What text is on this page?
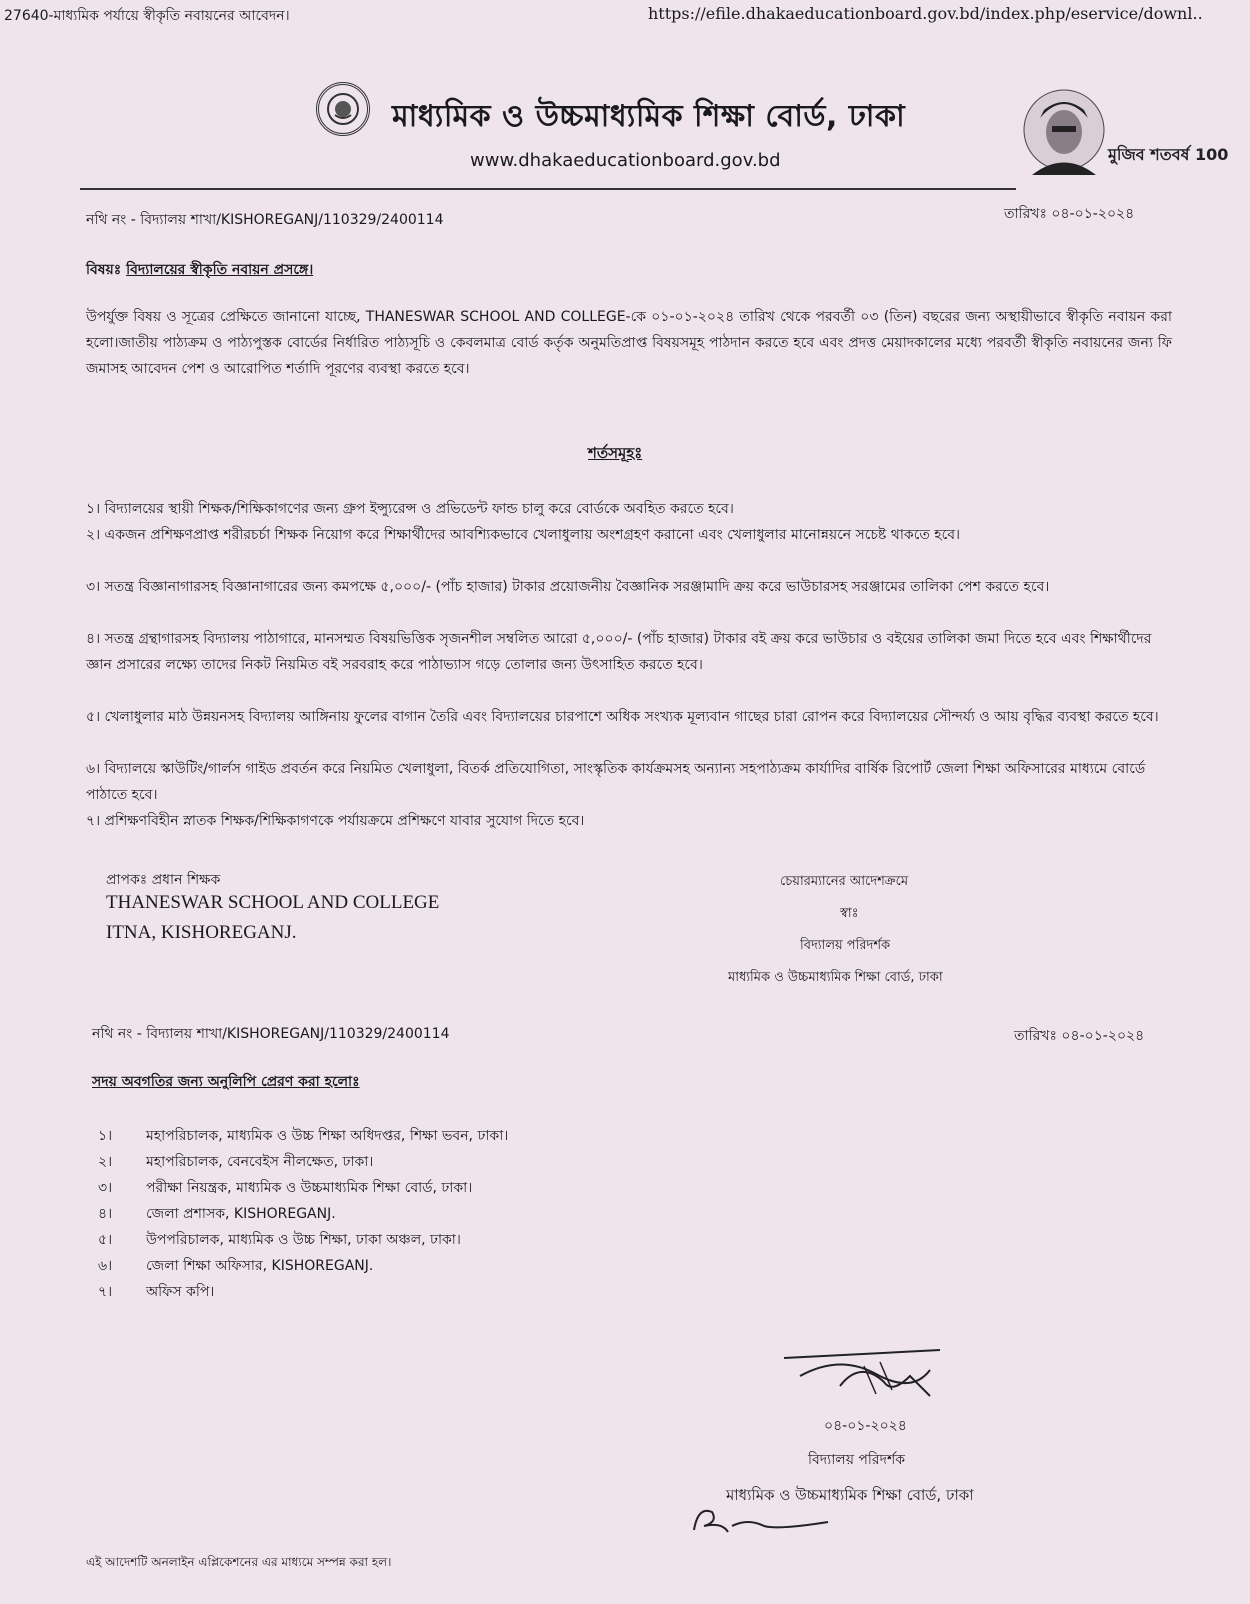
27640-মাধ্যমিক পর্যায়ে স্বীকৃতি নবায়নের আবেদন।	https://efile.dhakaeducationboard.gov.bd/index.php/eservice/downl..
মাধ্যমিক ও উচ্চমাধ্যমিক শিক্ষা বোর্ড, ঢাকা
www.dhakaeducationboard.gov.bd	মুজিব শতবর্ষ 100
নথি নং - বিদ্যালয় শাখা/KISHOREGANJ/110329/2400114	তারিখঃ ০৪-০১-২০২৪
বিষয়ঃ বিদ্যালয়ের স্বীকৃতি নবায়ন প্রসঙ্গে।
উপর্যুক্ত বিষয় ও সূত্রের প্রেক্ষিতে জানানো যাচ্ছে, THANESWAR SCHOOL AND COLLEGE-কে ০১-০১-২০২৪ তারিখ থেকে পরবর্তী ০৩ (তিন) বছরের জন্য অস্থায়ীভাবে স্বীকৃতি নবায়ন করা হলো।জাতীয় পাঠ্যক্রম ও পাঠ্যপুস্তক বোর্ডের নির্ধারিত পাঠ্যসূচি ও কেবলমাত্র বোর্ড কর্তৃক অনুমতিপ্রাপ্ত বিষয়সমূহ পাঠদান করতে হবে এবং প্রদত্ত মেয়াদকালের মধ্যে পরবর্তী স্বীকৃতি নবায়নের জন্য ফি জমাসহ আবেদন পেশ ও আরোপিত শর্তাদি পূরণের ব্যবস্থা করতে হবে।
শর্তসমূহঃ
১। বিদ্যালয়ের স্থায়ী শিক্ষক/শিক্ষিকাগণের জন্য গ্রুপ ইন্স্যুরেন্স ও প্রভিডেন্ট ফান্ড চালু করে বোর্ডকে অবহিত করতে হবে।
২। একজন প্রশিক্ষণপ্রাপ্ত শরীরচর্চা শিক্ষক নিয়োগ করে শিক্ষার্থীদের আবশ্যিকভাবে খেলাধুলায় অংশগ্রহণ করানো এবং খেলাধুলার মানোন্নয়নে সচেষ্ট থাকতে হবে।
৩। সতন্ত্র বিজ্ঞানাগারসহ বিজ্ঞানাগারের জন্য কমপক্ষে ৫,০০০/- (পাঁচ হাজার) টাকার প্রয়োজনীয় বৈজ্ঞানিক সরঞ্জামাদি ক্রয় করে ভাউচারসহ সরঞ্জামের তালিকা পেশ করতে হবে।
৪। সতন্ত্র গ্রন্থাগারসহ বিদ্যালয় পাঠাগারে, মানসম্মত বিষয়ভিত্তিক সৃজনশীল সম্বলিত আরো ৫,০০০/- (পাঁচ হাজার) টাকার বই ক্রয় করে ভাউচার ও বইয়ের তালিকা জমা দিতে হবে এবং শিক্ষার্থীদের জ্ঞান প্রসারের লক্ষ্যে তাদের নিকট নিয়মিত বই সরবরাহ করে পাঠাভ্যাস গড়ে তোলার জন্য উৎসাহিত করতে হবে।
৫। খেলাধুলার মাঠ উন্নয়নসহ বিদ্যালয় আঙ্গিনায় ফুলের বাগান তৈরি এবং বিদ্যালয়ের চারপাশে অধিক সংখ্যক মূল্যবান গাছের চারা রোপন করে বিদ্যালয়ের সৌন্দর্য্য ও আয় বৃদ্ধির ব্যবস্থা করতে হবে।
৬। বিদ্যালয়ে স্কাউটিং/গার্লস গাইড প্রবর্তন করে নিয়মিত খেলাধুলা, বিতর্ক প্রতিযোগিতা, সাংস্কৃতিক কার্যক্রমসহ অন্যান্য সহপাঠ্যক্রম কার্যাদির বার্ষিক রিপোর্ট জেলা শিক্ষা অফিসারের মাধ্যমে বোর্ডে পাঠাতে হবে।
৭। প্রশিক্ষণবিহীন স্নাতক শিক্ষক/শিক্ষিকাগণকে পর্যায়ক্রমে প্রশিক্ষণে যাবার সুযোগ দিতে হবে।
প্রাপকঃ প্রধান শিক্ষক
THANESWAR SCHOOL AND COLLEGE
ITNA, KISHOREGANJ.
চেয়ারম্যানের আদেশক্রমে
স্বাঃ
বিদ্যালয় পরিদর্শক
মাধ্যমিক ও উচ্চমাধ্যমিক শিক্ষা বোর্ড, ঢাকা
নথি নং - বিদ্যালয় শাখা/KISHOREGANJ/110329/2400114	তারিখঃ ০৪-০১-২০২৪
সদয় অবগতির জন্য অনুলিপি প্রেরণ করা হলোঃ
১। মহাপরিচালক, মাধ্যমিক ও উচ্চ শিক্ষা অধিদপ্তর, শিক্ষা ভবন, ঢাকা।
২। মহাপরিচালক, বেনবেইস নীলক্ষেত, ঢাকা।
৩। পরীক্ষা নিয়ন্ত্রক, মাধ্যমিক ও উচ্চমাধ্যমিক শিক্ষা বোর্ড, ঢাকা।
৪। জেলা প্রশাসক, KISHOREGANJ.
৫। উপপরিচালক, মাধ্যমিক ও উচ্চ শিক্ষা, ঢাকা অঞ্চল, ঢাকা।
৬। জেলা শিক্ষা অফিসার, KISHOREGANJ.
৭। অফিস কপি।
০৪-০১-২০২৪
বিদ্যালয় পরিদর্শক
মাধ্যমিক ও উচ্চমাধ্যমিক শিক্ষা বোর্ড, ঢাকা
এই আদেশটি অনলাইন এপ্লিকেশনের এর মাধ্যমে সম্পন্ন করা হল।
